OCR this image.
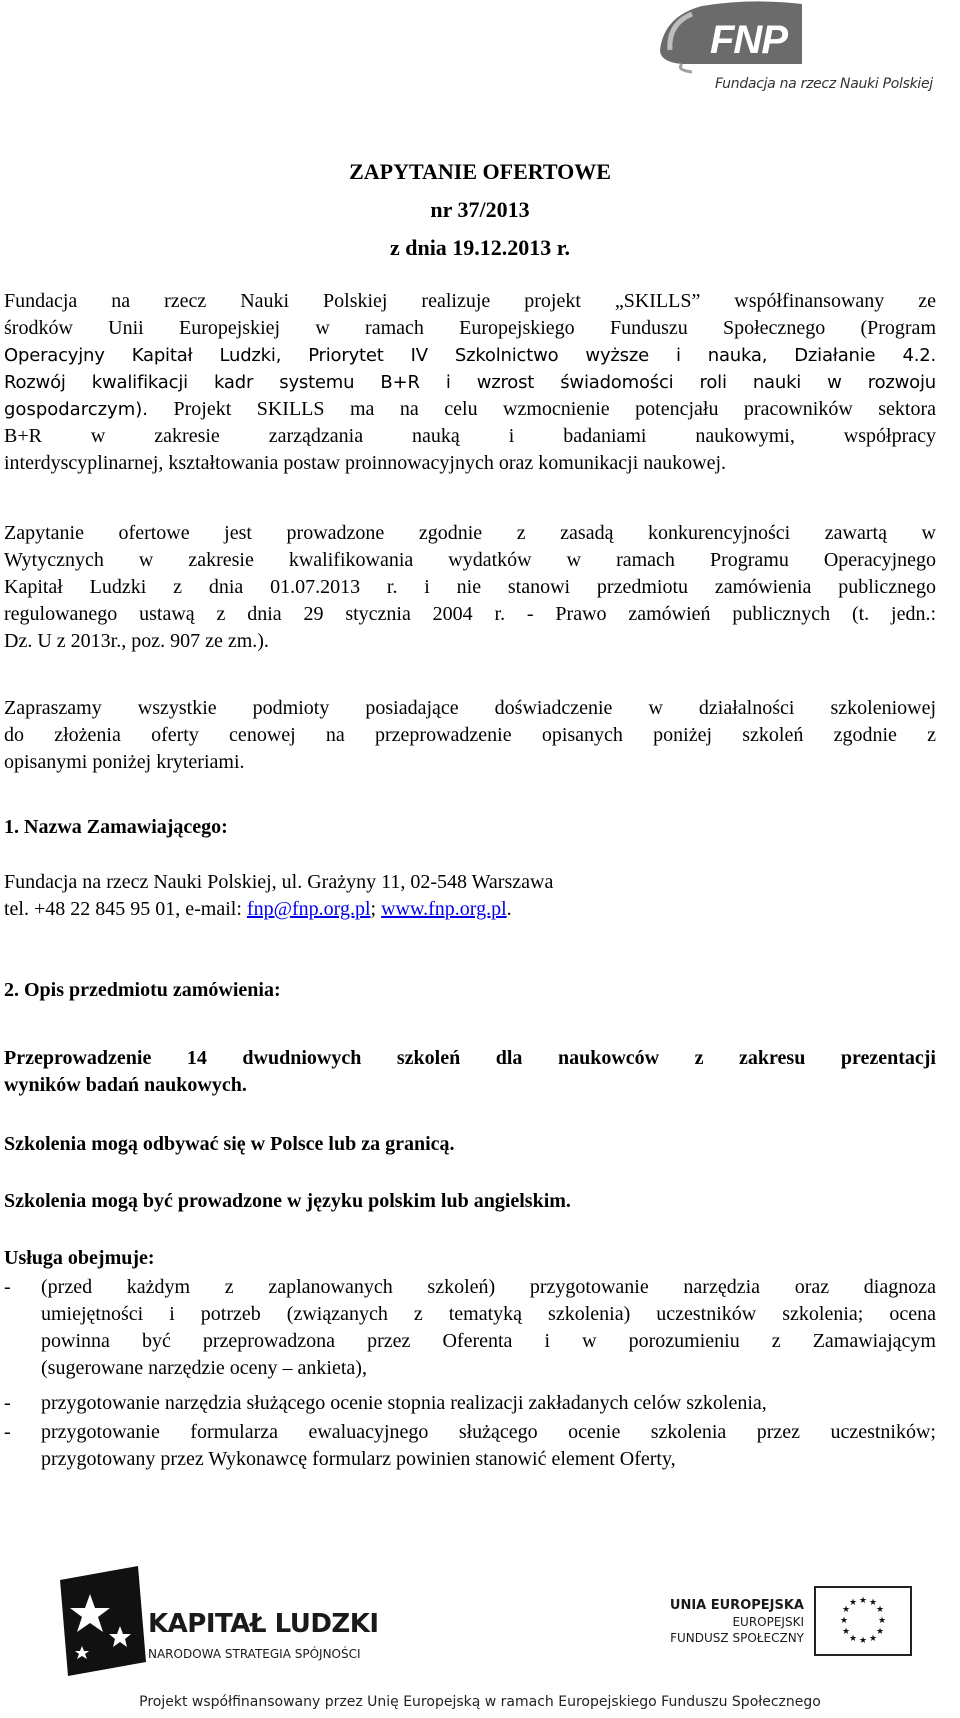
FNP
Fundacja na rzecz Nauki Polskiej
ZAPYTANIE OFERTOWE
nr 37/2013
z dnia 19.12.2013 r.
Fundacja na rzecz Nauki Polskiej realizuje projekt „SKILLS” współfinansowany ze
środków Unii Europejskiej w ramach Europejskiego Funduszu Społecznego (Program
Operacyjny Kapitał Ludzki, Priorytet IV Szkolnictwo wyższe i nauka, Działanie 4.2.
Rozwój kwalifikacji kadr systemu B+R i wzrost świadomości roli nauki w rozwoju
gospodarczym). Projekt SKILLS ma na celu wzmocnienie potencjału pracowników sektora
B+R w zakresie zarządzania nauką i badaniami naukowymi, współpracy
interdyscyplinarnej, kształtowania postaw proinnowacyjnych oraz komunikacji naukowej.
Zapytanie ofertowe jest prowadzone zgodnie z zasadą konkurencyjności zawartą w
Wytycznych w zakresie kwalifikowania wydatków w ramach Programu Operacyjnego
Kapitał Ludzki z dnia 01.07.2013 r. i nie stanowi przedmiotu zamówienia publicznego
regulowanego ustawą z dnia 29 stycznia 2004 r. - Prawo zamówień publicznych (t. jedn.:
Dz. U z 2013r., poz. 907 ze zm.).
Zapraszamy wszystkie podmioty posiadające doświadczenie w działalności szkoleniowej
do złożenia oferty cenowej na przeprowadzenie opisanych poniżej szkoleń zgodnie z
opisanymi poniżej kryteriami.
1. Nazwa Zamawiającego:
Fundacja na rzecz Nauki Polskiej, ul. Grażyny 11, 02-548 Warszawa
tel. +48 22 845 95 01, e-mail: fnp@fnp.org.pl; www.fnp.org.pl.
2. Opis przedmiotu zamówienia:
Przeprowadzenie 14 dwudniowych szkoleń dla naukowców z zakresu prezentacji
wyników badań naukowych.
Szkolenia mogą odbywać się w Polsce lub za granicą.
Szkolenia mogą być prowadzone w języku polskim lub angielskim.
Usługa obejmuje:
- (przed każdym z zaplanowanych szkoleń) przygotowanie narzędzia oraz diagnoza
umiejętności i potrzeb (związanych z tematyką szkolenia) uczestników szkolenia; ocena
powinna być przeprowadzona przez Oferenta i w porozumieniu z Zamawiającym
(sugerowane narzędzie oceny – ankieta),
- przygotowanie narzędzia służącego ocenie stopnia realizacji zakładanych celów szkolenia,
- przygotowanie formularza ewaluacyjnego służącego ocenie szkolenia przez uczestników;
przygotowany przez Wykonawcę formularz powinien stanowić element Oferty,
KAPITAŁ LUDZKI
NARODOWA STRATEGIA SPÓJNOŚCI
UNIA EUROPEJSKA
EUROPEJSKI
FUNDUSZ SPOŁECZNY
★ ★
★
★
★
★
★
★
★
★
★
★
Projekt współfinansowany przez Unię Europejską w ramach Europejskiego Funduszu Społecznego
